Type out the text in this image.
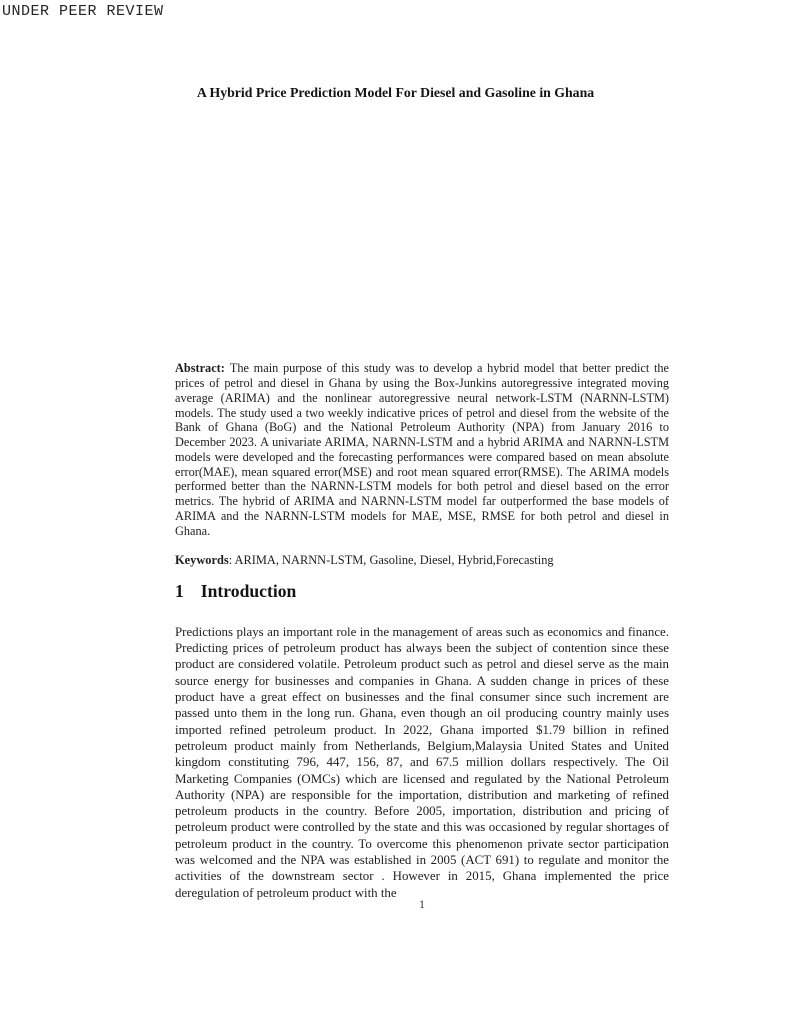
UNDER PEER REVIEW
A Hybrid Price Prediction Model For Diesel and Gasoline in Ghana

Abstract: The main purpose of this study was to develop a hybrid model that better predict the prices of petrol and diesel in Ghana by using the Box-Junkins autoregressive integrated moving average (ARIMA) and the nonlinear autoregressive neural network-LSTM (NARNN-LSTM) models. The study used a two weekly indicative prices of petrol and diesel from the website of the Bank of Ghana (BoG) and the National Petroleum Authority (NPA) from January 2016 to December 2023. A univariate ARIMA, NARNN-LSTM and a hybrid ARIMA and NARNN-LSTM models were developed and the forecasting performances were compared based on mean absolute error(MAE), mean squared error(MSE) and root mean squared error(RMSE). The ARIMA models performed better than the NARNN-LSTM models for both petrol and diesel based on the error metrics. The hybrid of ARIMA and NARNN-LSTM model far outperformed the base models of ARIMA and the NARNN-LSTM models for MAE, MSE, RMSE for both petrol and diesel in Ghana.

Keywords: ARIMA, NARNN-LSTM, Gasoline, Diesel, Hybrid,Forecasting

1 Introduction

Predictions plays an important role in the management of areas such as economics and finance. Predicting prices of petroleum product has always been the subject of contention since these product are considered volatile. Petroleum product such as petrol and diesel serve as the main source energy for businesses and companies in Ghana. A sudden change in prices of these product have a great effect on businesses and the final consumer since such increment are passed unto them in the long run. Ghana, even though an oil producing country mainly uses imported refined petroleum product. In 2022, Ghana imported $1.79 billion in refined petroleum product mainly from Netherlands, Belgium,Malaysia United States and United kingdom constituting 796, 447, 156, 87, and 67.5 million dollars respectively. The Oil Marketing Companies (OMCs) which are licensed and regulated by the National Petroleum Authority (NPA) are responsible for the importation, distribution and marketing of refined petroleum products in the country. Before 2005, importation, distribution and pricing of petroleum product were controlled by the state and this was occasioned by regular shortages of petroleum product in the country. To overcome this phenomenon private sector participation was welcomed and the NPA was established in 2005 (ACT 691) to regulate and monitor the activities of the downstream sector . However in 2015, Ghana implemented the price deregulation of petroleum product with the

1
